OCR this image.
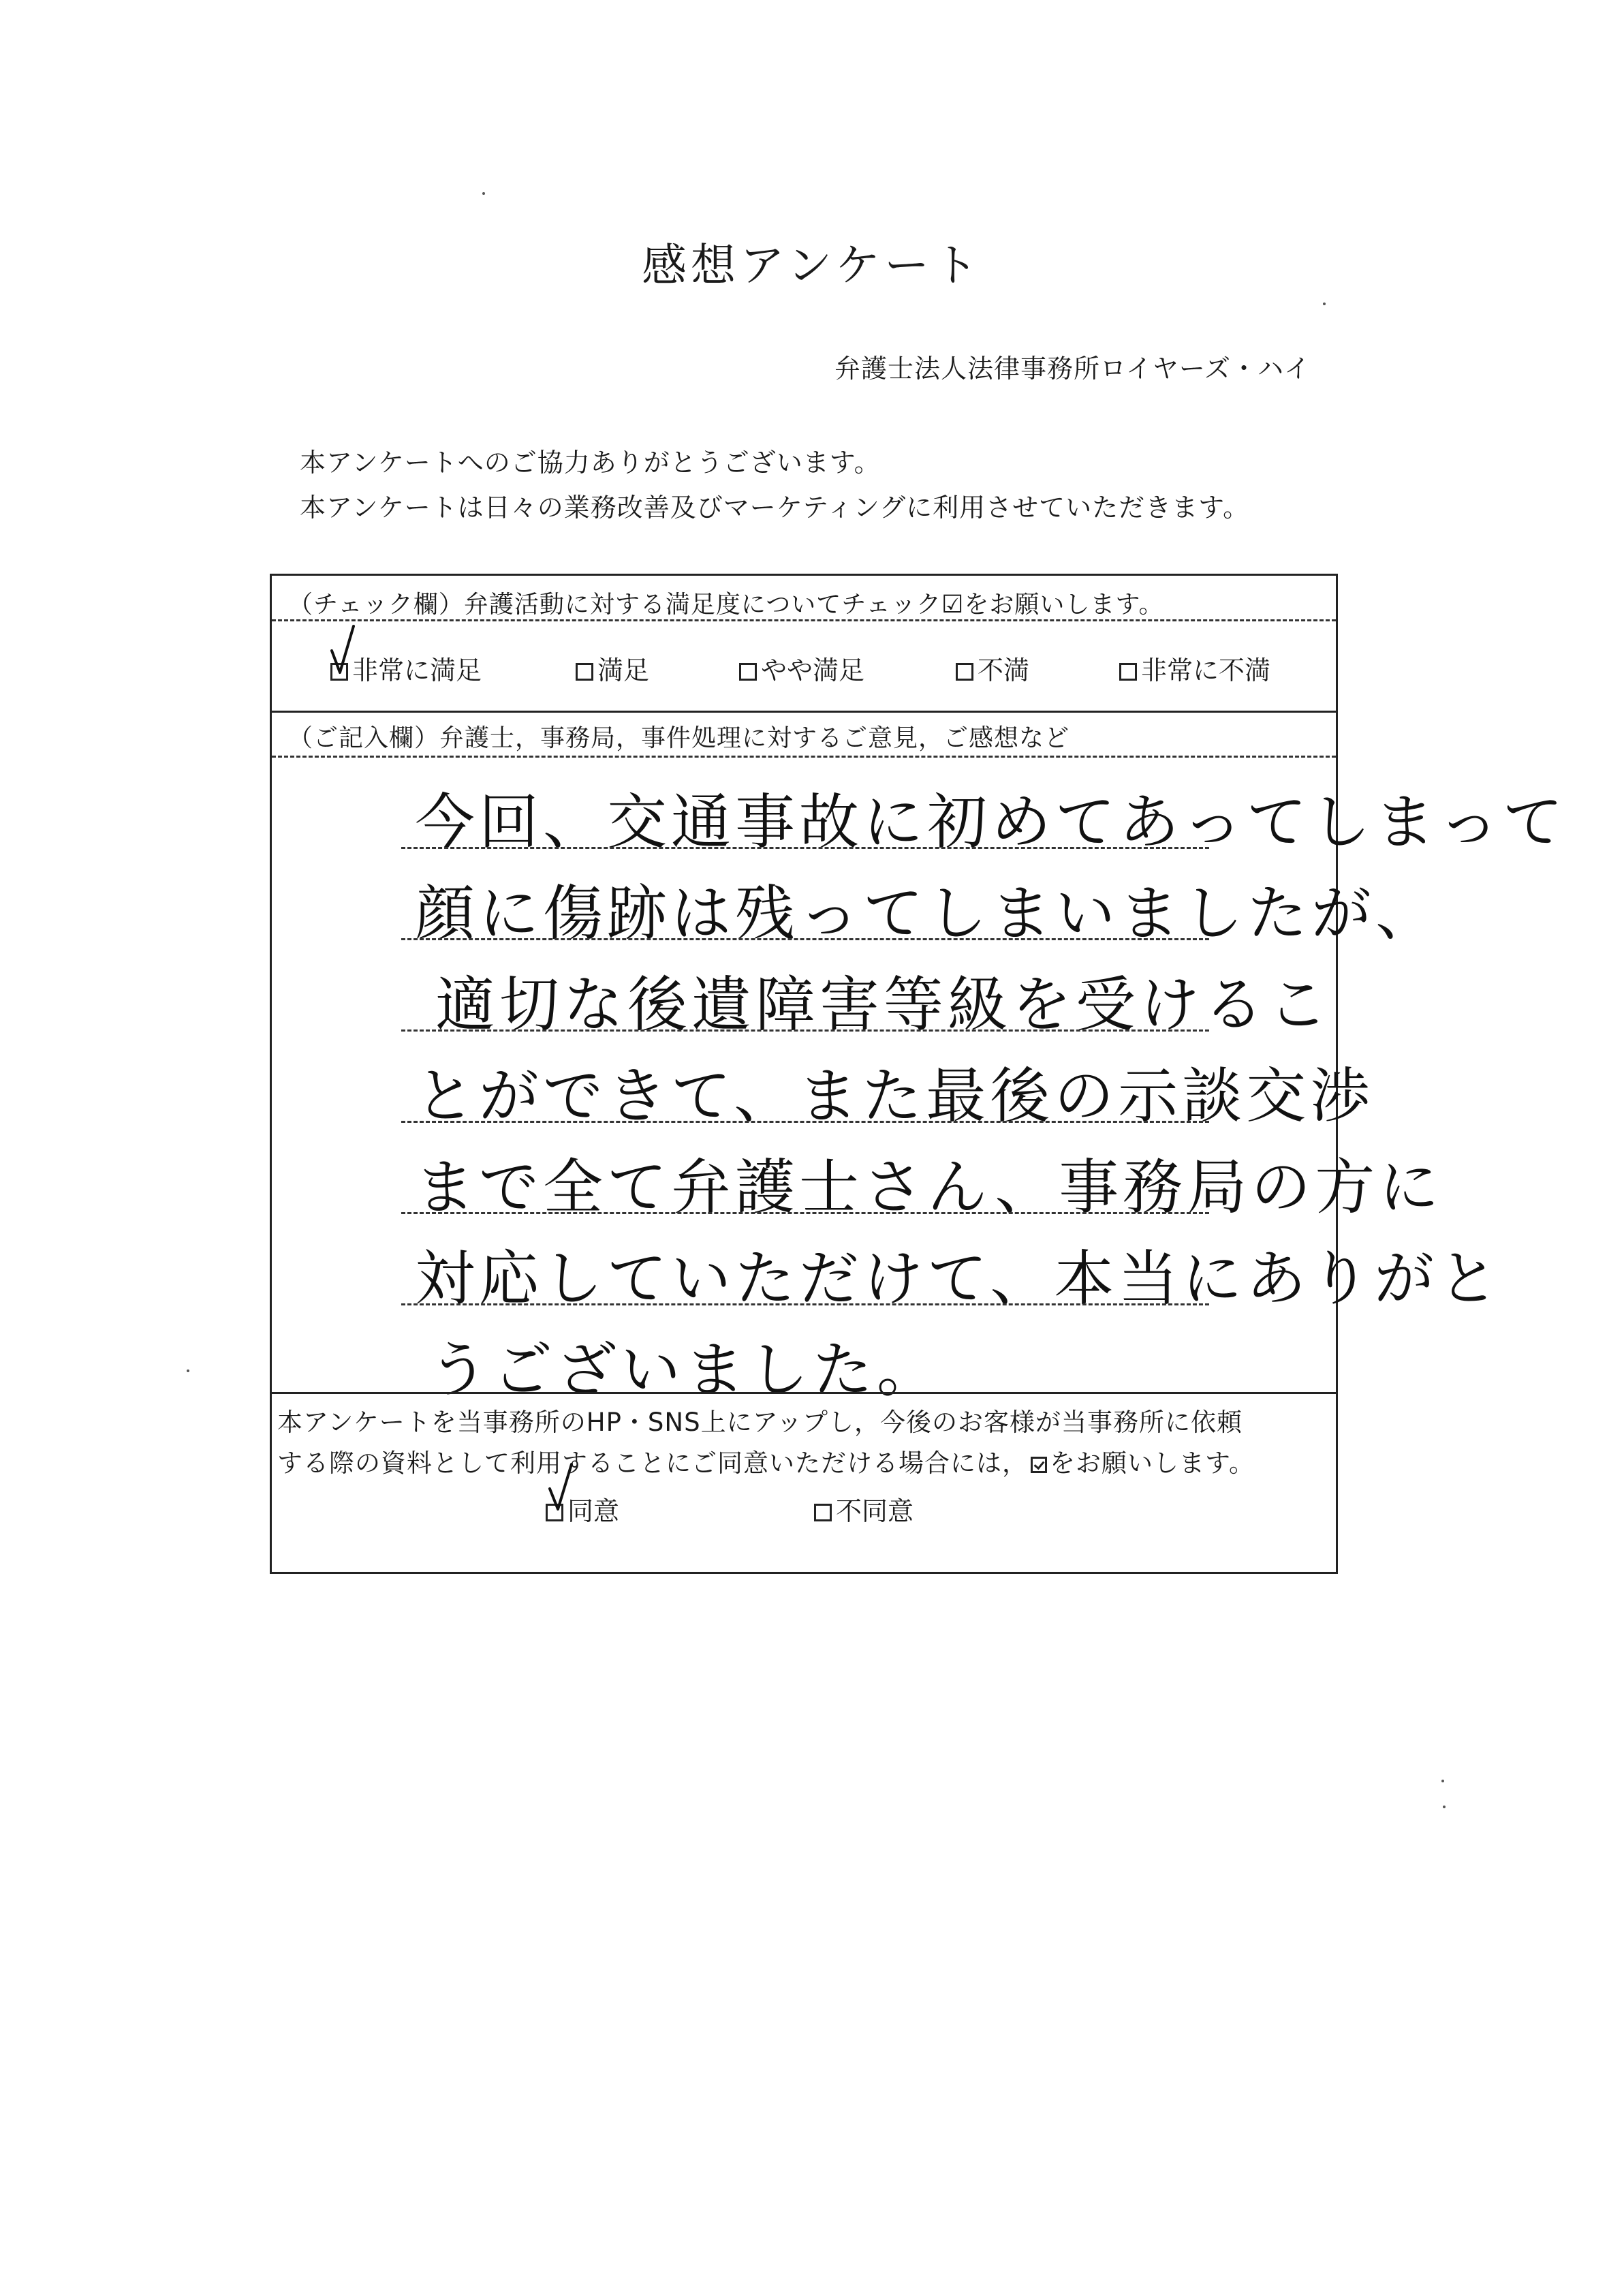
感想アンケート
弁護士法人法律事務所ロイヤーズ・ハイ
本アンケートへのご協力ありがとうございます。
本アンケートは日々の業務改善及びマーケティングに利用させていただきます。
（チェック欄）弁護活動に対する満足度についてチェック☑をお願いします。
非常に満足	満足	やや満足	不満	非常に不満
（ご記入欄）弁護士，事務局，事件処理に対するご意見，ご感想など
今回、交通事故に初めてあってしまって
顔に傷跡は残ってしまいましたが、
適切な後遺障害等級を受けるこ
とができて、また最後の示談交渉
まで全て弁護士さん、事務局の方に
対応していただけて、本当にありがと
うございました。
本アンケートを当事務所のHP・SNS上にアップし，今後のお客様が当事務所に依頼
する際の資料として利用することにご同意いただける場合には， をお願いします。
同意	不同意
